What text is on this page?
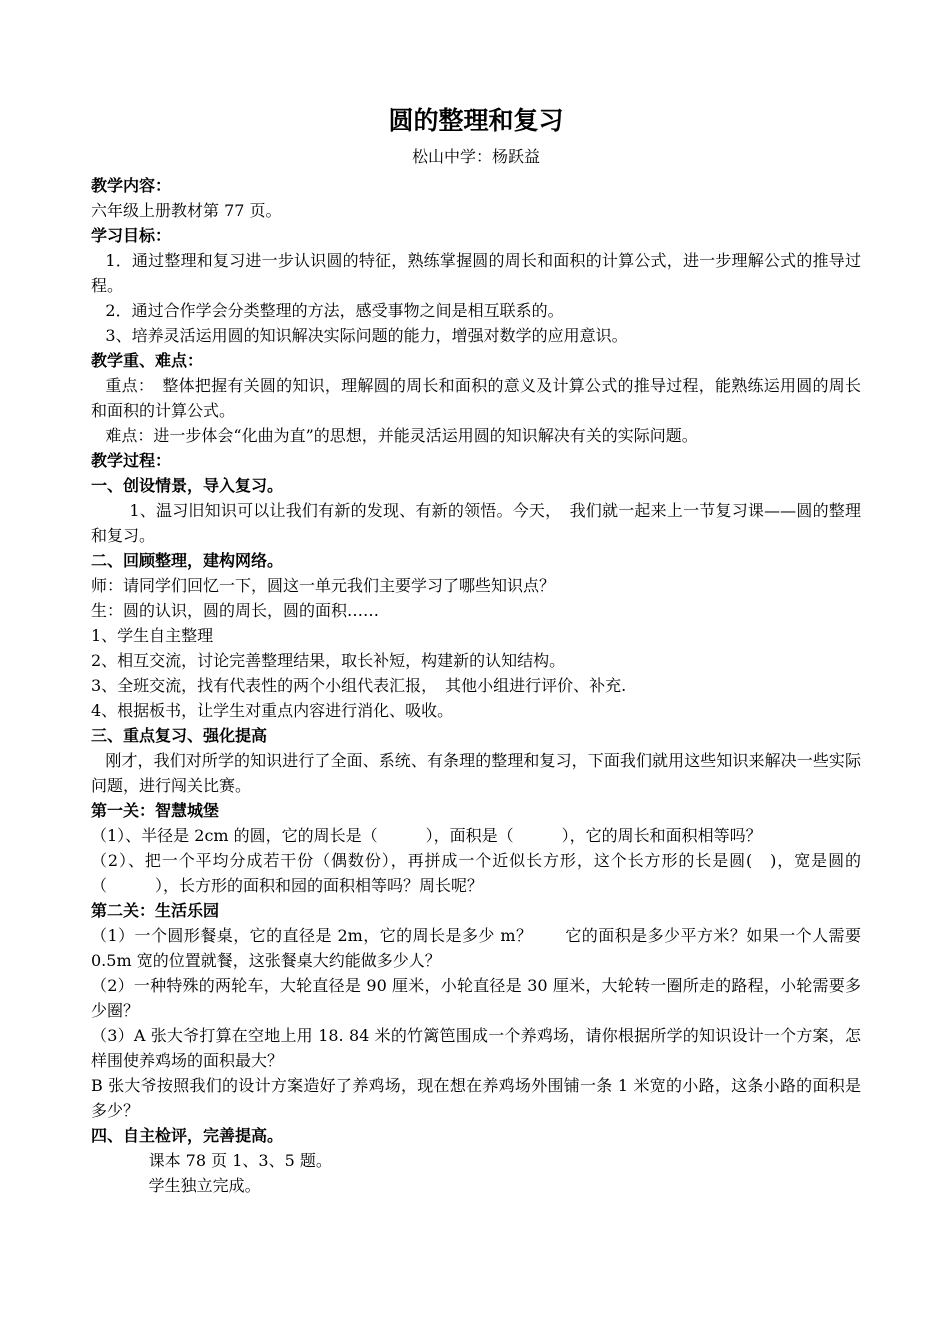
圆的整理和复习
松山中学：杨跃益
教学内容：
六年级上册教材第 77 页。
学习目标：
1．通过整理和复习进一步认识圆的特征，熟练掌握圆的周长和面积的计算公式，进一步理解公式的推导过程。
2．通过合作学会分类整理的方法，感受事物之间是相互联系的。
3、培养灵活运用圆的知识解决实际问题的能力，增强对数学的应用意识。
教学重、难点：
重点：　整体把握有关圆的知识，理解圆的周长和面积的意义及计算公式的推导过程，能熟练运用圆的周长和面积的计算公式。
难点：进一步体会“化曲为直”的思想，并能灵活运用圆的知识解决有关的实际问题。
教学过程：
一、创设情景，导入复习。
1、温习旧知识可以让我们有新的发现、有新的领悟。今天，　我们就一起来上一节复习课——圆的整理和复习。
二、回顾整理，建构网络。
师：请同学们回忆一下，圆这一单元我们主要学习了哪些知识点？
生：圆的认识，圆的周长，圆的面积……
1、学生自主整理
2、相互交流，讨论完善整理结果，取长补短，构建新的认知结构。
3、全班交流，找有代表性的两个小组代表汇报，　其他小组进行评价、补充.
4、根据板书，让学生对重点内容进行消化、吸收。
三、重点复习、强化提高
刚才，我们对所学的知识进行了全面、系统、有条理的整理和复习，下面我们就用这些知识来解决一些实际问题，进行闯关比赛。
第一关：智慧城堡
（1）、半径是 2cm 的圆，它的周长是（　　　），面积是（　　　），它的周长和面积相等吗？
（2）、把一个平均分成若干份（偶数份），再拼成一个近似长方形，这个长方形的长是圆(　)，宽是圆的（　　　），长方形的面积和园的面积相等吗？周长呢？
第二关：生活乐园
（1）一个圆形餐桌，它的直径是 2m，它的周长是多少 m？　　它的面积是多少平方米？如果一个人需要 0.5m 宽的位置就餐，这张餐桌大约能做多少人？
（2）一种特殊的两轮车，大轮直径是 90 厘米，小轮直径是 30 厘米，大轮转一圈所走的路程，小轮需要多少圈？
（3）A 张大爷打算在空地上用 18. 84 米的竹篱笆围成一个养鸡场，请你根据所学的知识设计一个方案，怎样围使养鸡场的面积最大？
B 张大爷按照我们的设计方案造好了养鸡场，现在想在养鸡场外围铺一条 1 米宽的小路，这条小路的面积是多少？
四、自主检评，完善提高。
课本 78 页 1、3、5 题。
学生独立完成。
